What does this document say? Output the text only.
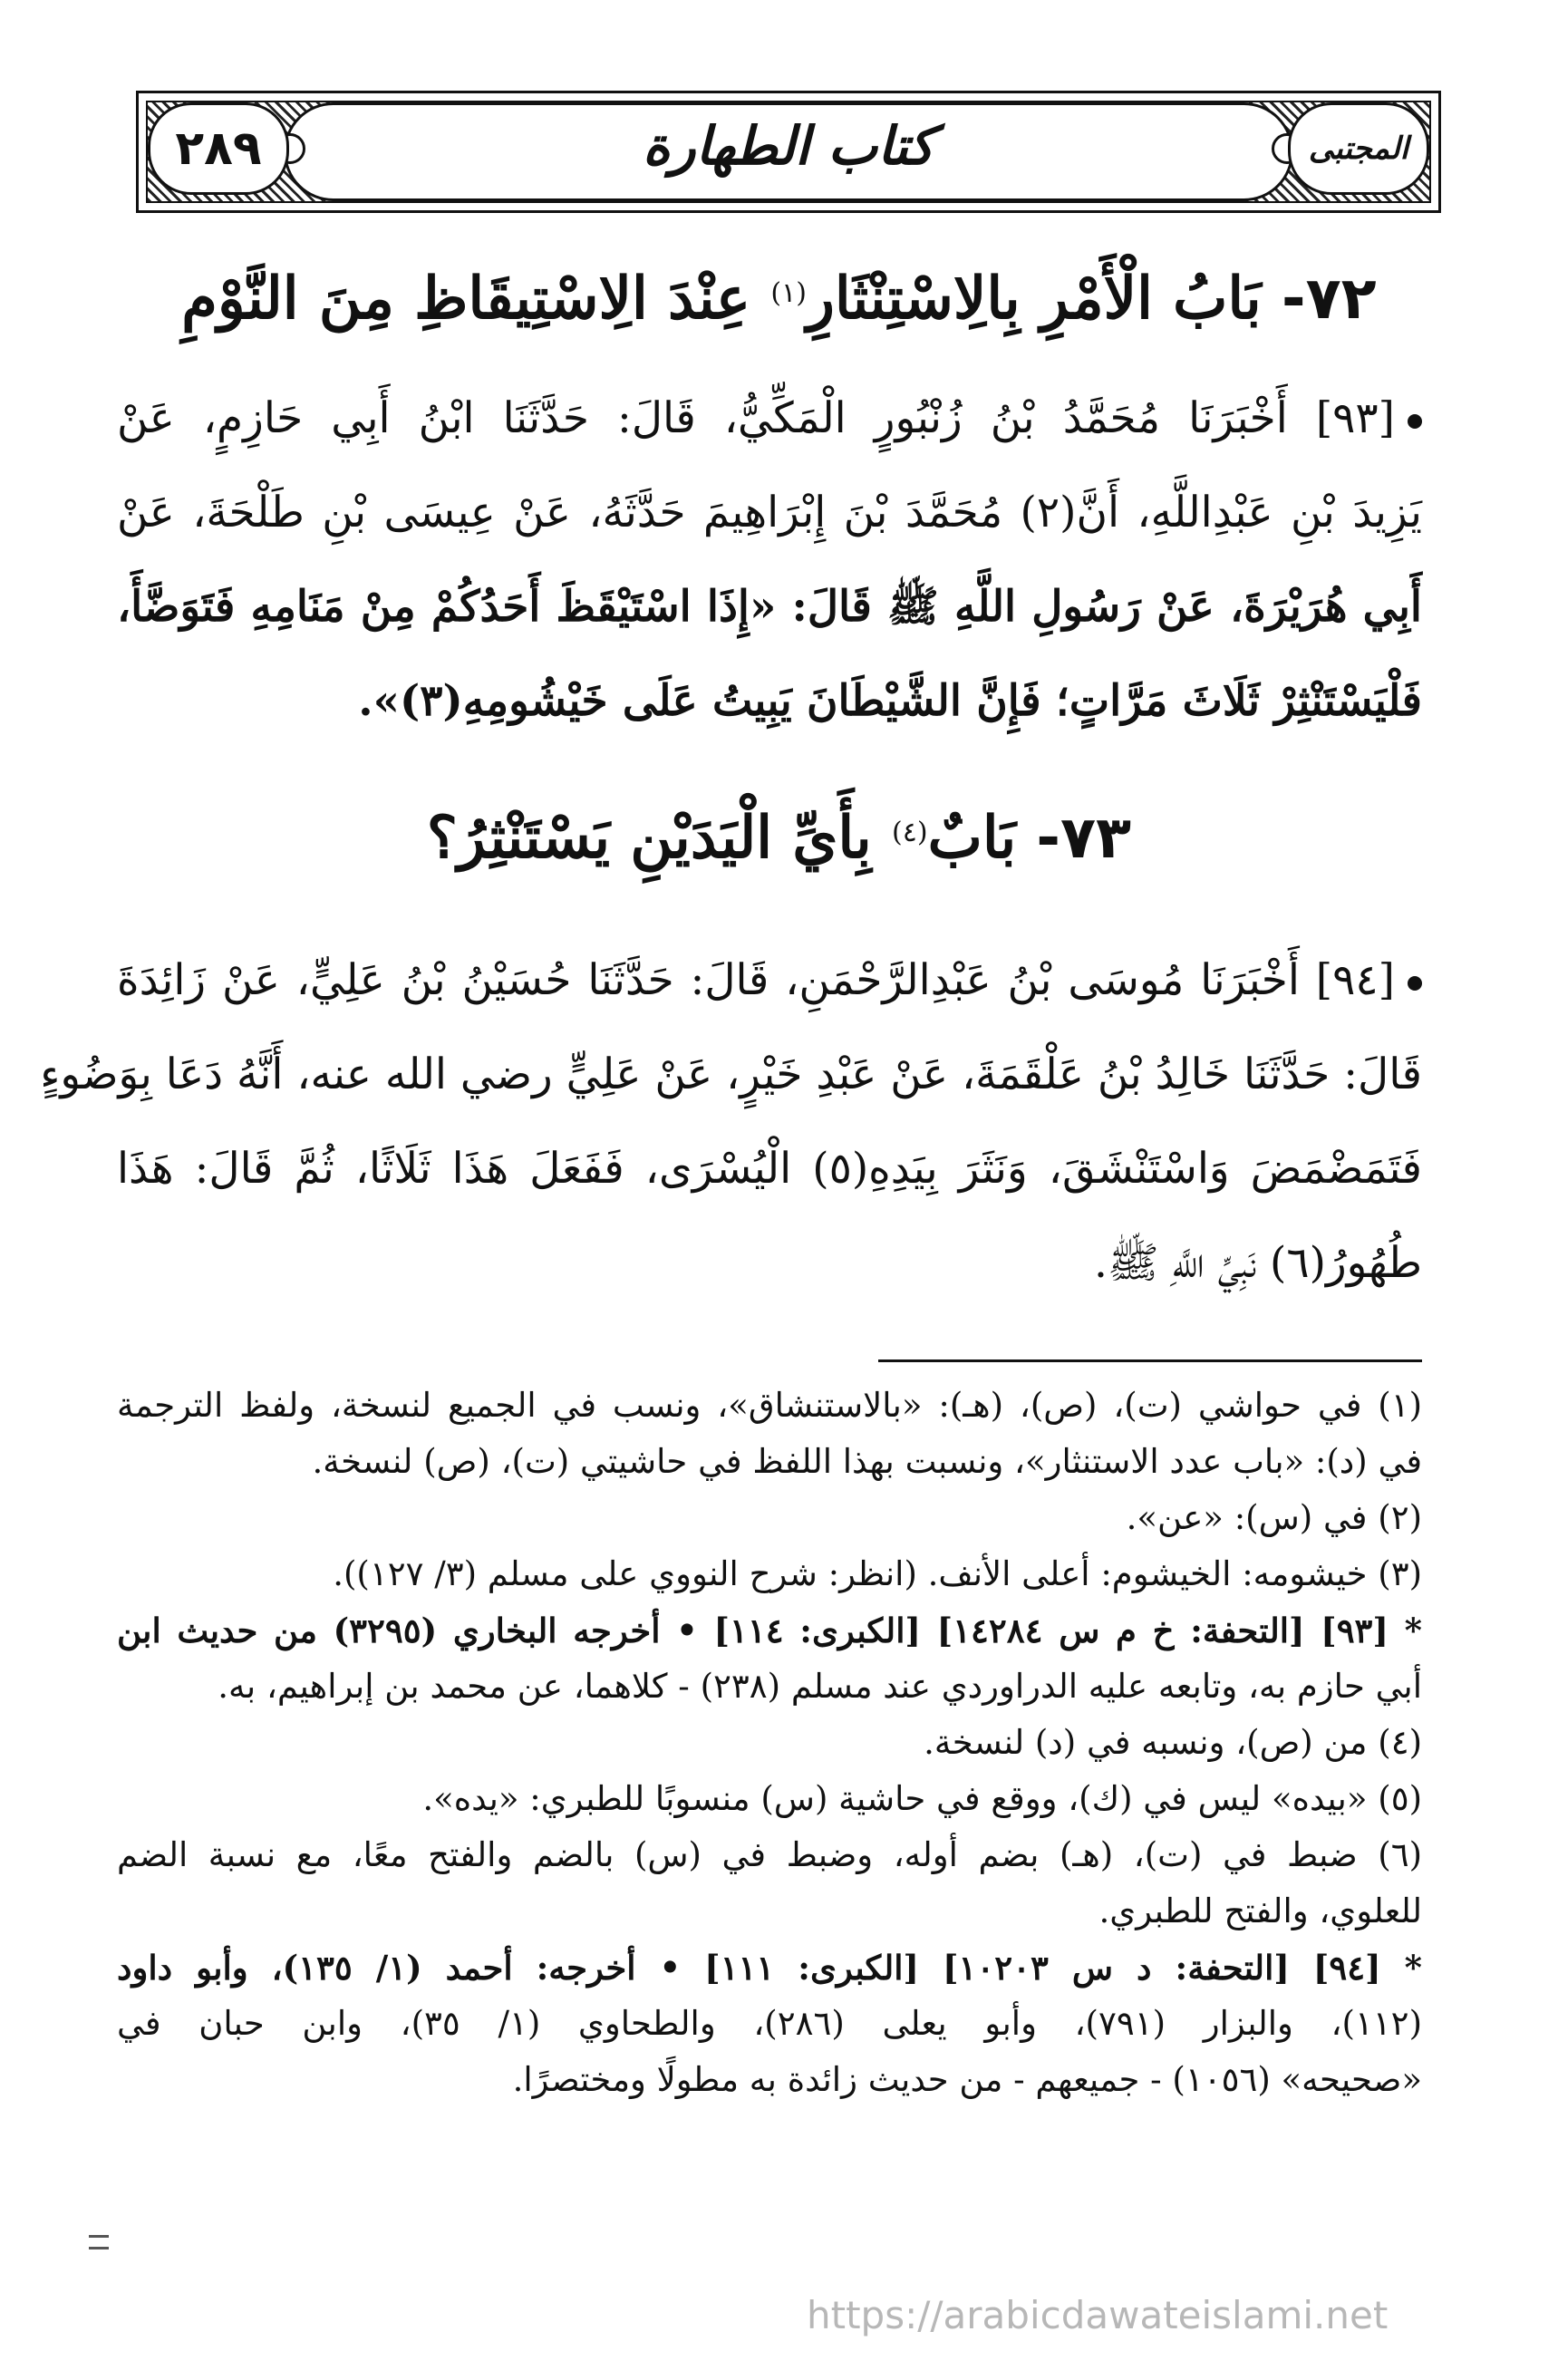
٢٨٩	المجتبى
كتاب الطهارة
٧٢- بَابُ الْأَمْرِ بِالِاسْتِنْثَارِ$^{(١)}$ عِنْدَ الِاسْتِيقَاظِ مِنَ النَّوْمِ
[٩٣] أَخْبَرَنَا مُحَمَّدُ بْنُ زُنْبُورٍ الْمَكِّيُّ، قَالَ: حَدَّثَنَا ابْنُ أَبِي حَازِمٍ، عَنْ
يَزِيدَ بْنِ عَبْدِاللَّهِ، أَنَّ(٢) مُحَمَّدَ بْنَ إِبْرَاهِيمَ حَدَّثَهُ، عَنْ عِيسَى بْنِ طَلْحَةَ، عَنْ
أَبِي هُرَيْرَةَ، عَنْ رَسُولِ اللَّهِ ﷺ قَالَ: «إِذَا اسْتَيْقَظَ أَحَدُكُمْ مِنْ مَنَامِهِ فَتَوَضَّأَ،
فَلْيَسْتَنْثِرْ ثَلَاثَ مَرَّاتٍ؛ فَإِنَّ الشَّيْطَانَ يَبِيتُ عَلَى خَيْشُومِهِ(٣)».
٧٣- بَابٌ$^{(٤)}$ بِأَيِّ الْيَدَيْنِ يَسْتَنْثِرُ؟
[٩٤] أَخْبَرَنَا مُوسَى بْنُ عَبْدِالرَّحْمَنِ، قَالَ: حَدَّثَنَا حُسَيْنُ بْنُ عَلِيٍّ، عَنْ زَائِدَةَ
قَالَ: حَدَّثَنَا خَالِدُ بْنُ عَلْقَمَةَ، عَنْ عَبْدِ خَيْرٍ، عَنْ عَلِيٍّ رضي الله عنه، أَنَّهُ دَعَا بِوَضُوءٍ
فَتَمَضْمَضَ وَاسْتَنْشَقَ، وَنَثَرَ بِيَدِهِ(٥) الْيُسْرَى، فَفَعَلَ هَذَا ثَلَاثًا، ثُمَّ قَالَ: هَذَا
طُهُورُ(٦) نَبِيِّ اللَّهِ ﷺ.
(١) في حواشي (ت)، (ص)، (هـ): «بالاستنشاق»، ونسب في الجميع لنسخة، ولفظ الترجمة
في (د): «باب عدد الاستنثار»، ونسبت بهذا اللفظ في حاشيتي (ت)، (ص) لنسخة.
(٢) في (س): «عن».
(٣) خيشومه: الخيشوم: أعلى الأنف. (انظر: شرح النووي على مسلم (٣/ ١٢٧)).
* [٩٣] [التحفة: خ م س ١٤٢٨٤] [الكبرى: ١١٤] • أخرجه البخاري (٣٢٩٥) من حديث ابن
أبي حازم به، وتابعه عليه الدراوردي عند مسلم (٢٣٨) - كلاهما، عن محمد بن إبراهيم، به.
(٤) من (ص)، ونسبه في (د) لنسخة.
(٥) «بيده» ليس في (ك)، ووقع في حاشية (س) منسوبًا للطبري: «يده».
(٦) ضبط في (ت)، (هـ) بضم أوله، وضبط في (س) بالضم والفتح معًا، مع نسبة الضم
للعلوي، والفتح للطبري.
* [٩٤] [التحفة: د س ١٠٢٠٣] [الكبرى: ١١١] • أخرجه: أحمد (١/ ١٣٥)، وأبو داود
(١١٢)، والبزار (٧٩١)، وأبو يعلى (٢٨٦)، والطحاوي (١/ ٣٥)، وابن حبان في
«صحيحه» (١٠٥٦) - جميعهم - من حديث زائدة به مطولًا ومختصرًا.
https://arabicdawateislami.net
